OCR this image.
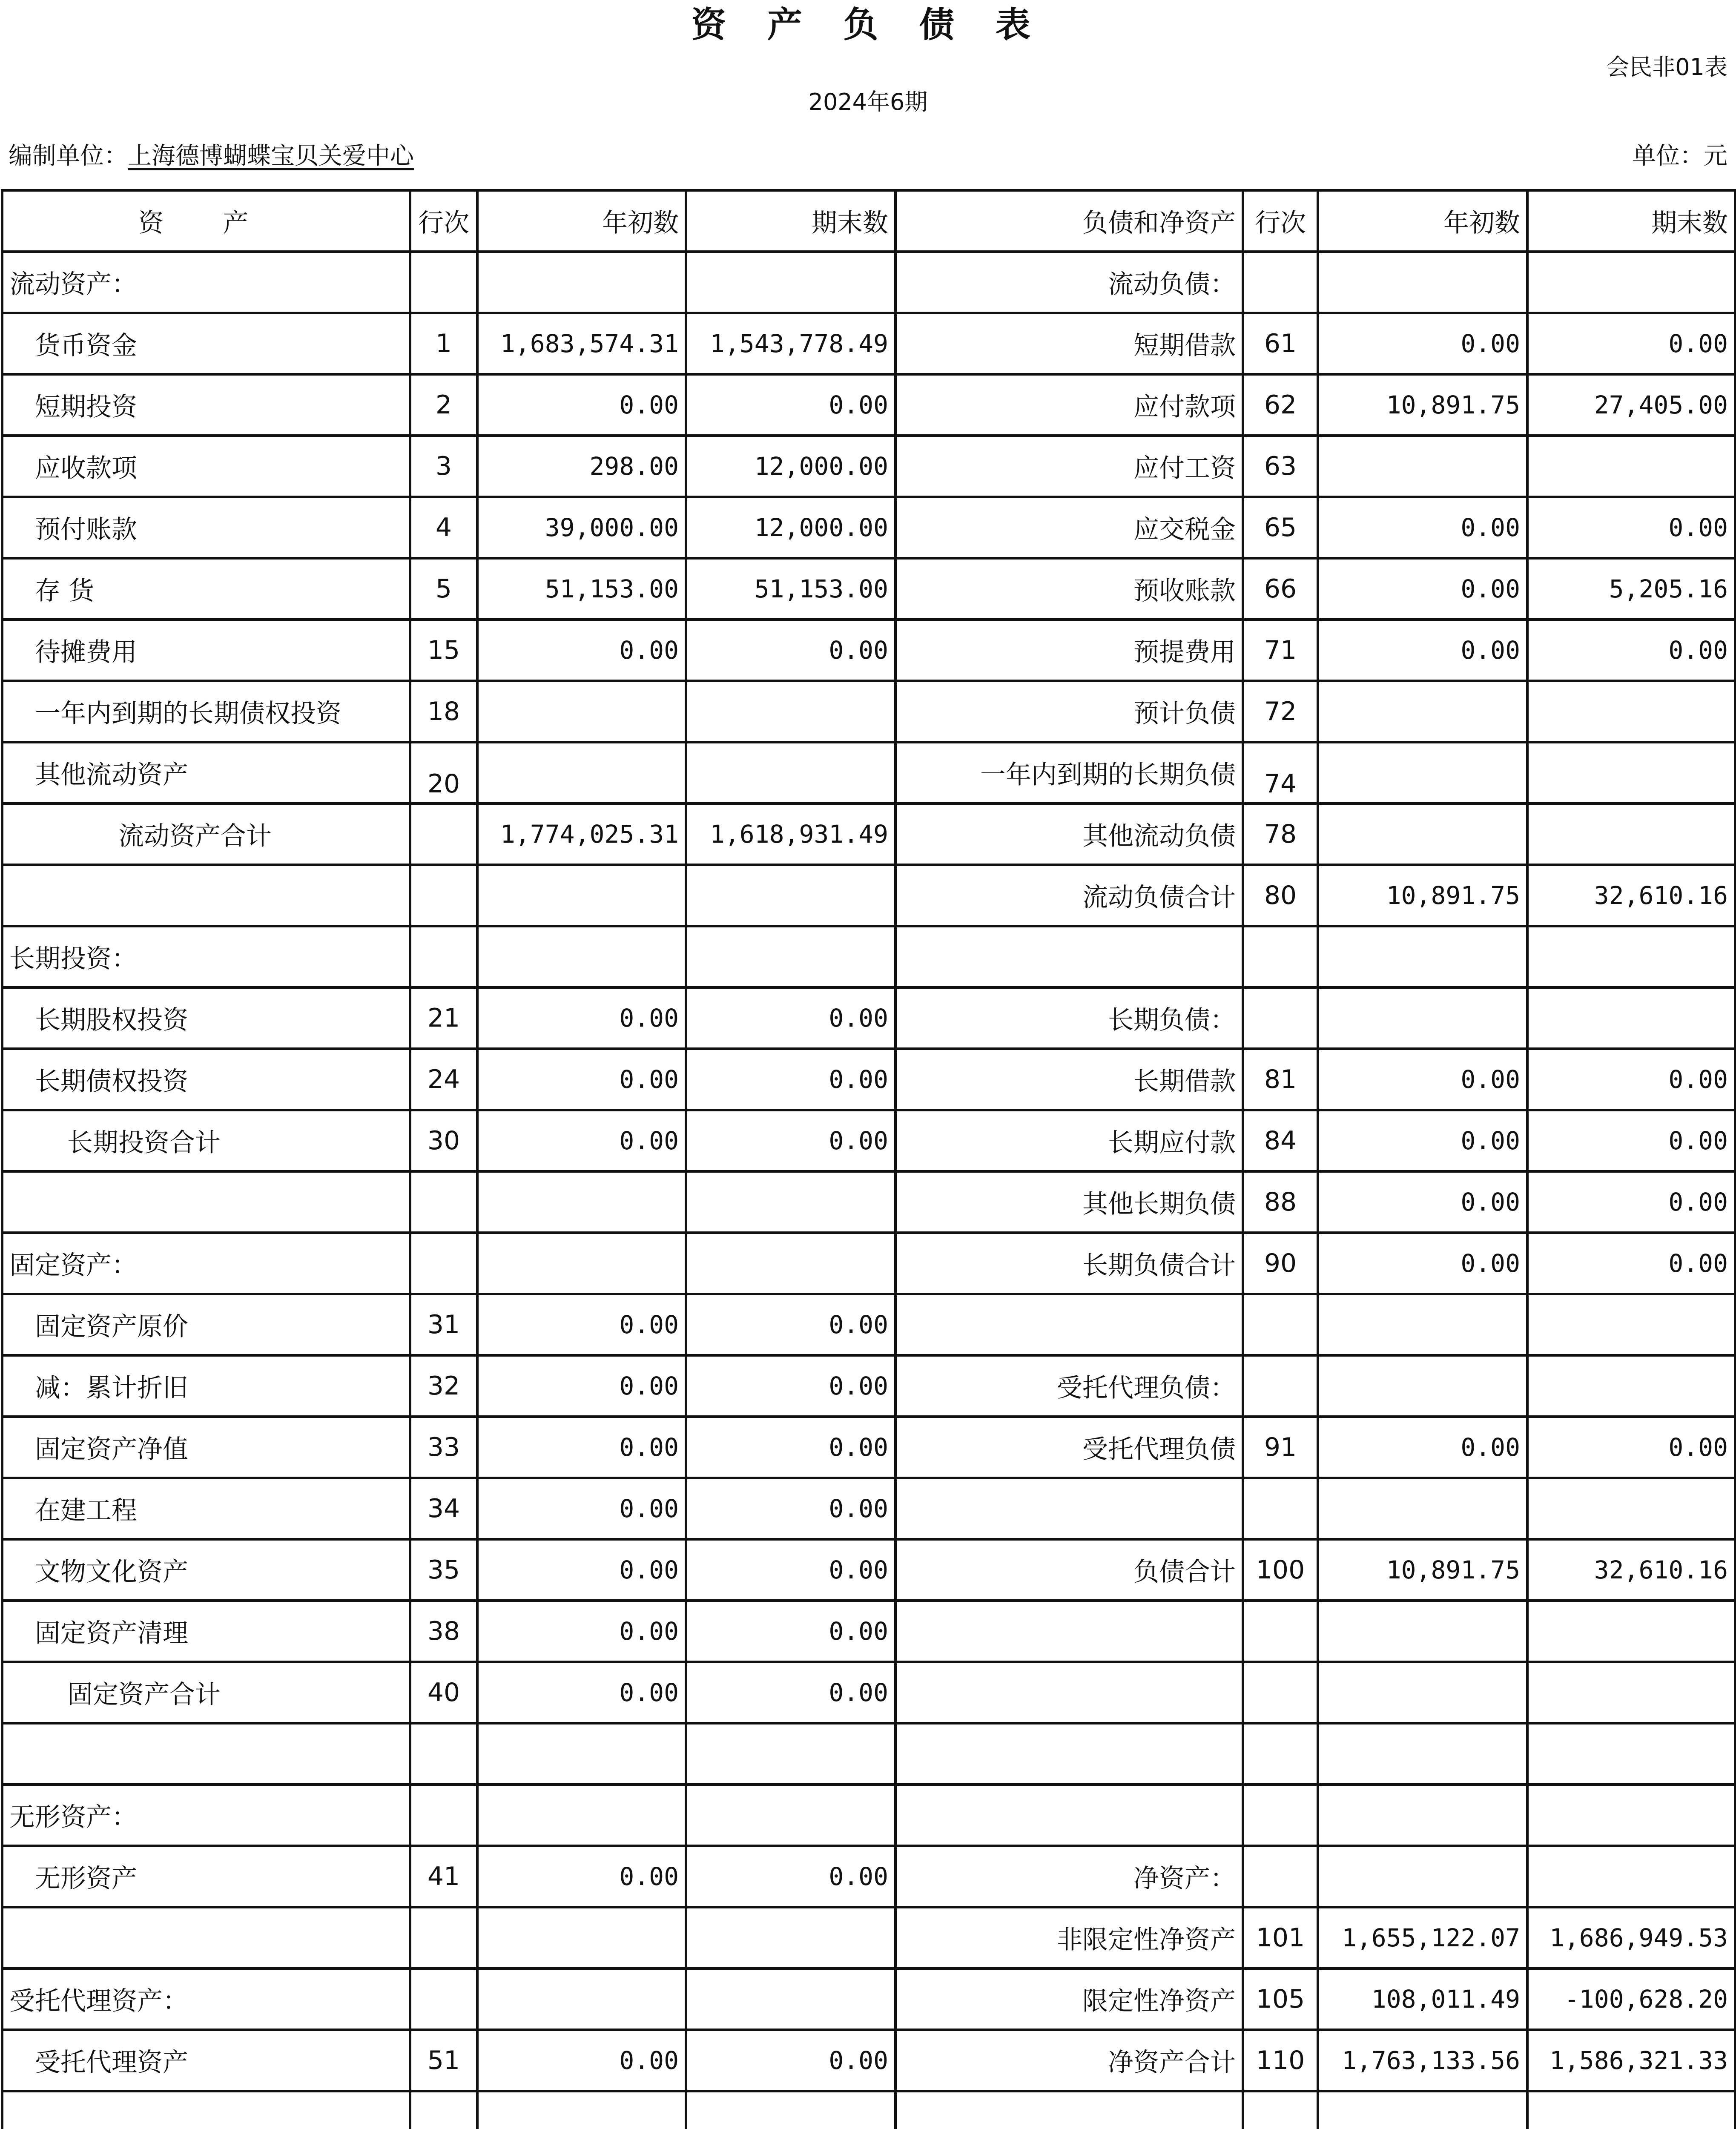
资 产 负 债 表
会民非01表
2024年6期
编制单位：上海德博蝴蝶宝贝关爱中心	单位：元
资 产	行次	年初数	期末数	负债和净资产	行次	年初数	期末数
流动资产：				流动负债：			
货币资金	1	1,683,574.31	1,543,778.49	短期借款	61	0.00	0.00
短期投资	2	0.00	0.00	应付款项	62	10,891.75	27,405.00
应收款项	3	298.00	12,000.00	应付工资	63		
预付账款	4	39,000.00	12,000.00	应交税金	65	0.00	0.00
存 货	5	51,153.00	51,153.00	预收账款	66	0.00	5,205.16
待摊费用	15	0.00	0.00	预提费用	71	0.00	0.00
一年内到期的长期债权投资	18			预计负债	72		
其他流动资产	20			一年内到期的长期负债	74		
流动资产合计		1,774,025.31	1,618,931.49	其他流动负债	78		
				流动负债合计	80	10,891.75	32,610.16
长期投资：							
长期股权投资	21	0.00	0.00	长期负债：			
长期债权投资	24	0.00	0.00	长期借款	81	0.00	0.00
长期投资合计	30	0.00	0.00	长期应付款	84	0.00	0.00
				其他长期负债	88	0.00	0.00
固定资产：				长期负债合计	90	0.00	0.00
固定资产原价	31	0.00	0.00				
减：累计折旧	32	0.00	0.00	受托代理负债：			
固定资产净值	33	0.00	0.00	受托代理负债	91	0.00	0.00
在建工程	34	0.00	0.00				
文物文化资产	35	0.00	0.00	负债合计	100	10,891.75	32,610.16
固定资产清理	38	0.00	0.00				
固定资产合计	40	0.00	0.00				

无形资产：							
无形资产	41	0.00	0.00	净资产：			
				非限定性净资产	101	1,655,122.07	1,686,949.53
受托代理资产：				限定性净资产	105	108,011.49	-100,628.20
受托代理资产	51	0.00	0.00	净资产合计	110	1,763,133.56	1,586,321.33
